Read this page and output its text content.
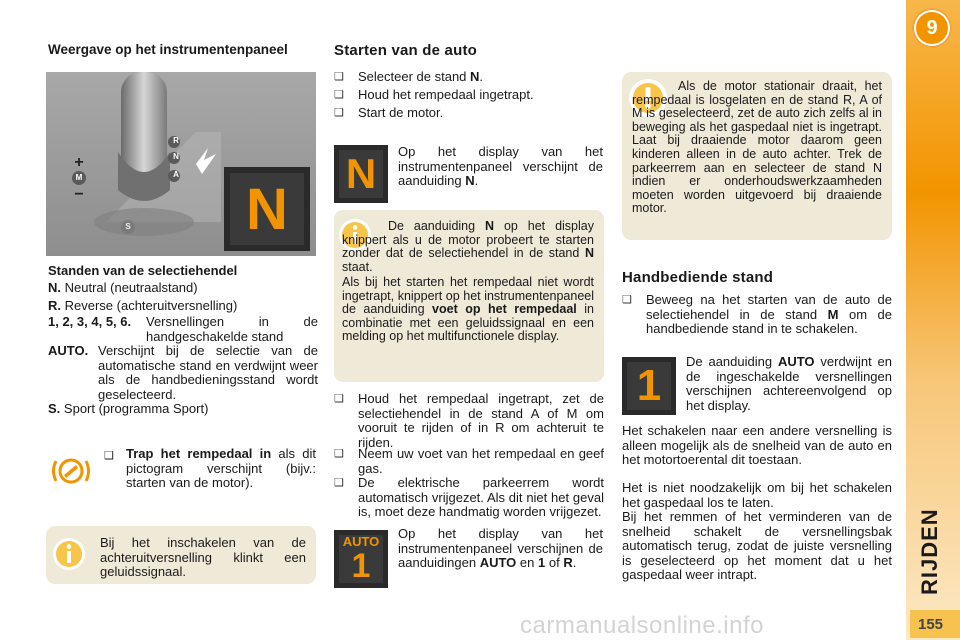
9
RIJDEN
155
Weergave op het instrumentenpaneel
R
N
A
M
S
+
−	N
Standen van de selectiehendel
N. Neutral (neutraalstand)
R. Reverse (achteruitversnelling)
1, 2, 3, 4, 5, 6.	Versnellingen in de handgeschakelde stand
AUTO. Verschijnt bij de selectie van de automatische stand en verdwijnt weer als de handbedieningsstand wordt geselecteerd.
S. Sport (programma Sport)
❑ Trap het rempedaal in als dit pictogram verschijnt (bijv.: starten van de motor).
Bij het inschakelen van de achteruitversnelling klinkt een geluidssignaal.
Starten van de auto
❑ Selecteer de stand N.
❑ Houd het rempedaal ingetrapt.
❑ Start de motor.
N Op het display van het instrumentenpaneel verschijnt de aanduiding N.
De aanduiding N op het display knippert als u de motor probeert te starten zonder dat de selectiehendel in de stand N staat.
Als bij het starten het rempedaal niet wordt ingetrapt, knippert op het instrumentenpaneel de aanduiding voet op het rempedaal in combinatie met een geluidssignaal en een melding op het multifunctionele display.
❑ Houd het rempedaal ingetrapt, zet de selectiehendel in de stand A of M om vooruit te rijden of in R om achteruit te rijden.
❑ Neem uw voet van het rempedaal en geef gas.
❑ De elektrische parkeerrem wordt automatisch vrijgezet. Als dit niet het geval is, moet deze handmatig worden vrijgezet.
AUTO
1
Op het display van het instrumentenpaneel verschijnen de aanduidingen AUTO en 1 of R.
Als de motor stationair draait, het rempedaal is losgelaten en de stand R, A of M is geselecteerd, zet de auto zich zelfs al in beweging als het gaspedaal niet is ingetrapt. Laat bij draaiende motor daarom geen kinderen alleen in de auto achter. Trek de parkeerrem aan en selecteer de stand N indien er onderhoudswerkzaamheden moeten worden uitgevoerd bij draaiende motor.
Handbediende stand
❑ Beweeg na het starten van de auto de selectiehendel in de stand M om de handbediende stand in te schakelen.
1 De aanduiding AUTO verdwijnt en de ingeschakelde versnellingen verschijnen achtereenvolgend op het display.
Het schakelen naar een andere versnelling is alleen mogelijk als de snelheid van de auto en het motortoerental dit toestaan.
Het is niet noodzakelijk om bij het schakelen het gaspedaal los te laten.
Bij het remmen of het verminderen van de snelheid schakelt de versnellingsbak automatisch terug, zodat de juiste versnelling is geselecteerd op het moment dat u het gaspedaal weer intrapt.
carmanualsonline.info
